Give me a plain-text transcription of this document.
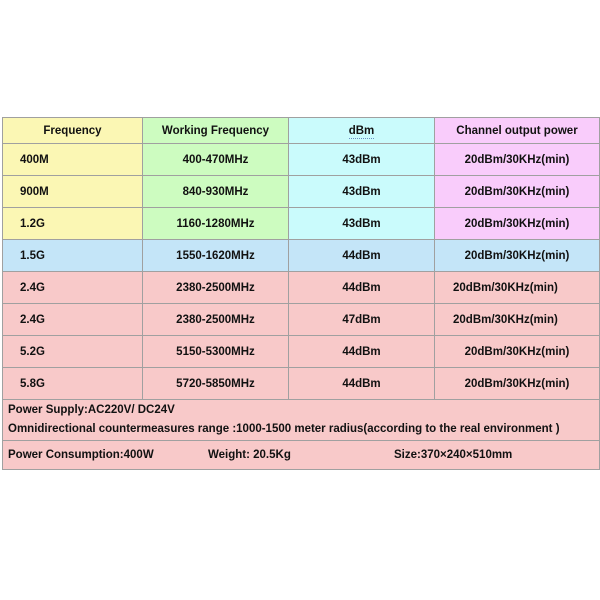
Frequency	Working Frequency	dBm	Channel output power
400M	400-470MHz	43dBm	20dBm/30KHz(min)
900M	840-930MHz	43dBm	20dBm/30KHz(min)
1.2G	1160-1280MHz	43dBm	20dBm/30KHz(min)
1.5G	1550-1620MHz	44dBm	20dBm/30KHz(min)
2.4G	2380-2500MHz	44dBm	20dBm/30KHz(min)
2.4G	2380-2500MHz	47dBm	20dBm/30KHz(min)
5.2G	5150-5300MHz	44dBm	20dBm/30KHz(min)
5.8G	5720-5850MHz	44dBm	20dBm/30KHz(min)

Power Supply:AC220V/ DC24V
Omnidirectional countermeasures range :1000-1500 meter radius(according to the real environment )			

Power Consumption:400W Weight: 20.5Kg Size:370×240×510mm			
